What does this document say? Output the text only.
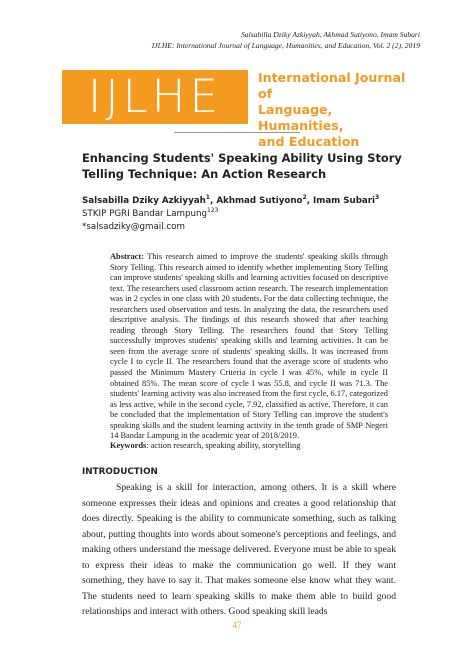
Salsabilla Dziky Azkiyyah, Akhmad Sutiyono, Imam Subari
IJLHE: International Journal of Language, Humanities, and Education, Vol. 2 (2), 2019
IJLHE	International Journal of
Language, Humanities,
and Education
Enhancing Students' Speaking Ability Using Story Telling Technique: An Action Research
Salsabilla Dziky Azkiyyah$^1$, Akhmad Sutiyono$^2$, Imam Subari$^3$
STKIP PGRI Bandar Lampung$^{123}$
*salsadziky@gmail.com
Abstract: This research aimed to improve the students' speaking skills through Story Telling. This research aimed to identify whether implementing Story Telling can improve students' speaking skills and learning activities focused on descriptive text. The researchers used classroom action research. The research implementation was in 2 cycles in one class with 20 students. For the data collecting technique, the researchers used observation and tests. In analyzing the data, the researchers used descriptive analysis. The findings of this research showed that after teaching reading through Story Telling. The researchers found that Story Telling successfully improves students' speaking skills and learning activities. It can be seen from the average score of students' speaking skills. It was increased from cycle I to cycle II. The researchers found that the average score of students who passed the Minimum Mastery Criteria in cycle I was 45%, while in cycle II obtained 85%. The mean score of cycle I was 55.8, and cycle II was 71.3. The students' learning activity was also increased from the first cycle, 6.17, categorized as less active, while in the second cycle, 7.92, classified as active. Therefore, it can be concluded that the implementation of Story Telling can improve the student's speaking skills and the student learning activity in the tenth grade of SMP Negeri 14 Bandar Lampung in the academic year of 2018/2019.
Keywords: action research, speaking ability, storytelling
INTRODUCTION

Speaking is a skill for interaction, among others. It is a skill where someone expresses their ideas and opinions and creates a good relationship that does directly. Speaking is the ability to communicate something, such as talking about, putting thoughts into words about someone's perceptions and feelings, and making others understand the message delivered. Everyone must be able to speak to express their ideas to make the communication go well. If they want something, they have to say it. That makes someone else know what they want. The students need to learn speaking skills to make them able to build good relationships and interact with others. Good speaking skill leads

47
